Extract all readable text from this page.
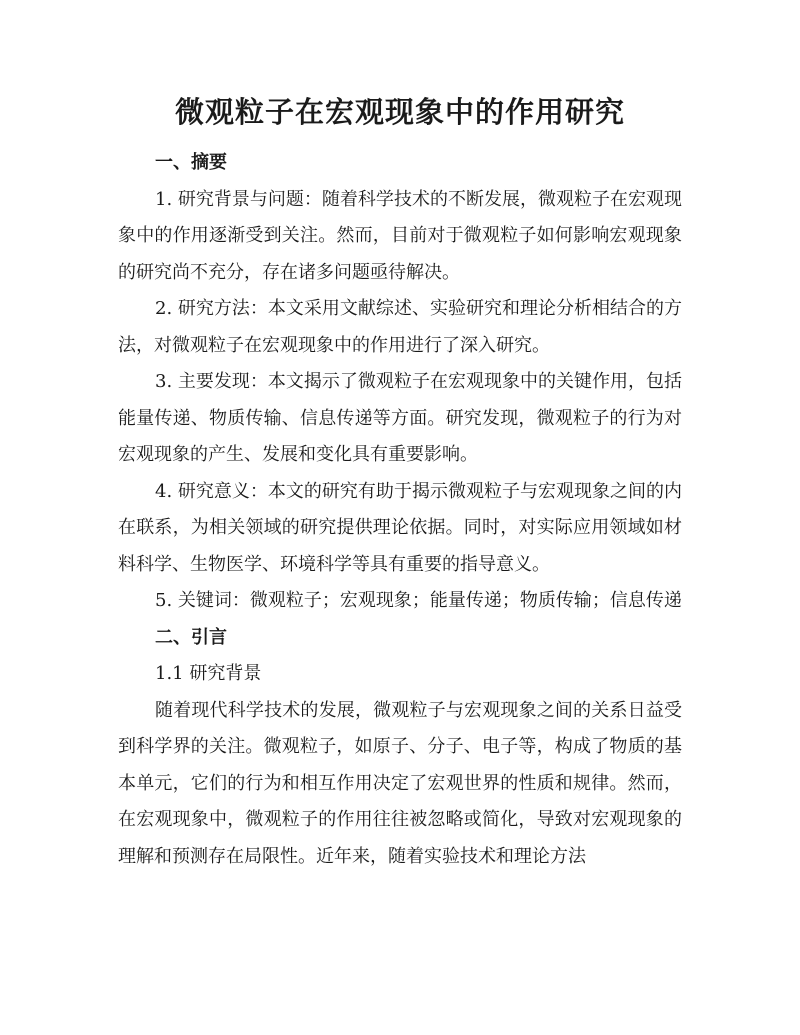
微观粒子在宏观现象中的作用研究
一、摘要

1. 研究背景与问题：随着科学技术的不断发展，微观粒子在宏观现象中的作用逐渐受到关注。然而，目前对于微观粒子如何影响宏观现象的研究尚不充分，存在诸多问题亟待解决。

2. 研究方法：本文采用文献综述、实验研究和理论分析相结合的方法，对微观粒子在宏观现象中的作用进行了深入研究。

3. 主要发现：本文揭示了微观粒子在宏观现象中的关键作用，包括能量传递、物质传输、信息传递等方面。研究发现，微观粒子的行为对宏观现象的产生、发展和变化具有重要影响。

4. 研究意义：本文的研究有助于揭示微观粒子与宏观现象之间的内在联系，为相关领域的研究提供理论依据。同时，对实际应用领域如材料科学、生物医学、环境科学等具有重要的指导意义。

5. 关键词：微观粒子；宏观现象；能量传递；物质传输；信息传递

二、引言

1.1 研究背景

随着现代科学技术的发展，微观粒子与宏观现象之间的关系日益受到科学界的关注。微观粒子，如原子、分子、电子等，构成了物质的基本单元，它们的行为和相互作用决定了宏观世界的性质和规律。然而，在宏观现象中，微观粒子的作用往往被忽略或简化，导致对宏观现象的理解和预测存在局限性。近年来，随着实验技术和理论方法
